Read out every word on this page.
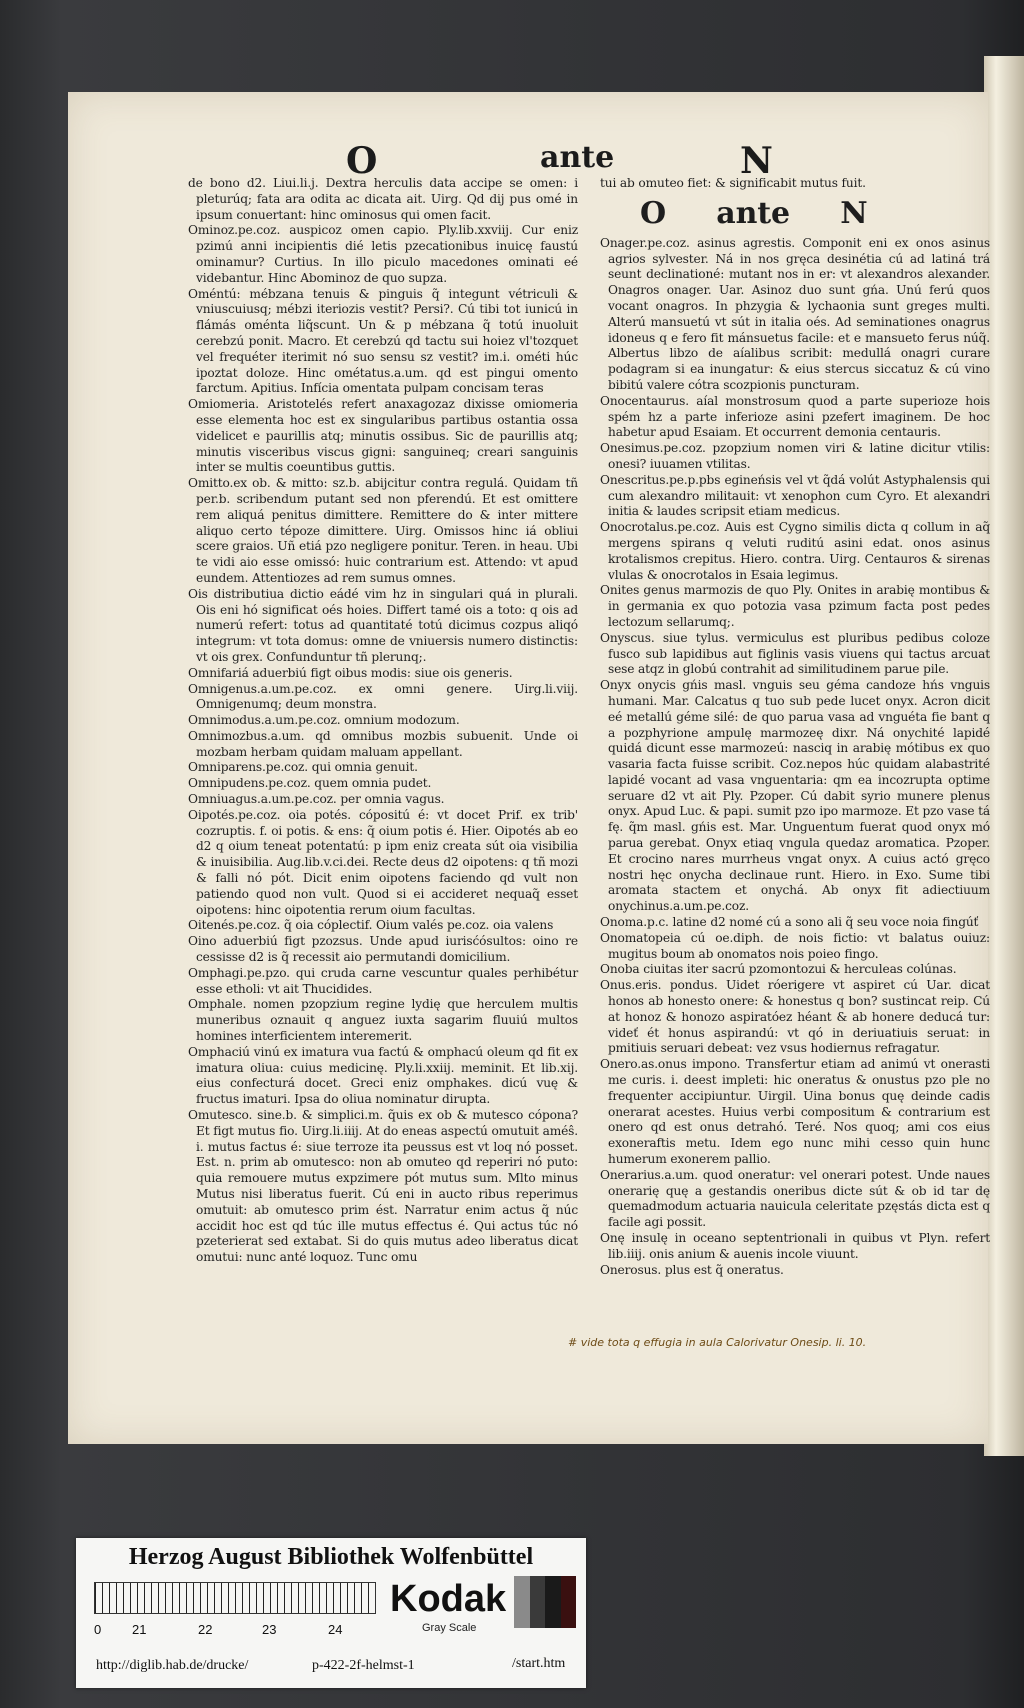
O	ante	N

de bono d2. Liui.li.j. Dextra herculis data accipe se omen: i pleturúq; fata ara odita ac dicata ait. Uirg. Qd dij pus omé in ipsum conuertant: hinc ominosus qui omen facit.

Ominoz.pe.coz. auspicoz omen capio. Ply.lib.xxviij. Cur eniz pzimú anni incipientis dié letis pzecationibus inuicę faustú ominamur? Curtius. In illo piculo macedones ominati eé videbantur. Hinc Abominoz de quo supza.

Oméntú: mébzana tenuis & pinguis q̃ integunt vétriculi & vniuscuiusq; mébzi iteriozis vestit? Persi?. Cú tibi tot iunicú in flámás oménta liq̃scunt. Un & p mébzana q̃ totú inuoluit cerebzú ponit. Macro. Et cerebzú qd tactu sui hoiez vl'tozquet vel frequéter iterimit nó suo sensu sz vestit? im.i. ométi húc ipoztat doloze. Hinc ométatus.a.um. qd est pingui omento farctum. Apitius. Infícia omentata pulpam concisam teras

Omiomeria. Aristotelés refert anaxagozaz dixisse omiomeria esse elementa hoc est ex singularibus partibus ostantia ossa videlicet e paurillis atq; minutis ossibus. Sic de paurillis atq; minutis visceribus viscus gigni: sanguineq; creari sanguinis inter se multis coeuntibus guttis.

Omitto.ex ob. & mitto: sz.b. abijcitur contra regulá. Quidam tñ per.b. scribendum putant sed non pferendú. Et est omittere rem aliquá penitus dimittere. Remittere do & inter mittere aliquo certo tépoze dimittere. Uirg. Omissos hinc iá obliui scere graios. Uñ etiá pzo negligere ponitur. Teren. in heau. Ubi te vidi aio esse omissó: huic contrarium est. Attendo: vt apud eundem. Attentiozes ad rem sumus omnes.

Ois distributiua dictio eádé vim hz in singulari quá in plurali. Ois eni hó significat oés hoies. Differt tamé ois a toto: q ois ad numerú refert: totus ad quantitaté totú dicimus cozpus aliqó integrum: vt tota domus: omne de vniuersis numero distinctis: vt ois grex. Confunduntur tñ plerunq;.

Omnifariá aduerbiú figt oibus modis: siue ois generis.

Omnigenus.a.um.pe.coz. ex omni genere. Uirg.li.viij. Omnigenumq; deum monstra.

Omnimodus.a.um.pe.coz. omnium modozum.

Omnimozbus.a.um. qd omnibus mozbis subuenit. Unde oi mozbam herbam quidam maluam appellant.

Omniparens.pe.coz. qui omnia genuit.

Omnipudens.pe.coz. quem omnia pudet.

Omniuagus.a.um.pe.coz. per omnia vagus.

Oipotés.pe.coz. oia potés. cópositú é: vt docet Prif. ex trib' cozruptis. f. oi potis. & ens: q̃ oium potis é. Hier. Oipotés ab eo d2 q oium teneat potentatú: p ipm eniz creata sút oia visibilia & inuisibilia. Aug.lib.v.ci.dei. Recte deus d2 oipotens: q tñ mozi & falli nó pót. Dicit enim oipotens faciendo qd vult non patiendo quod non vult. Quod si ei accideret nequaq̃ esset oipotens: hinc oipotentia rerum oium facultas.

Oitenés.pe.coz. q̃ oia cóplectif. Oium valés pe.coz. oia valens

Oino aduerbiú figt pzozsus. Unde apud iurisćósultos: oino re cessisse d2 is q̃ recessit aio permutandi domicilium.

Omphagi.pe.pzo. qui cruda carne vescuntur quales perhibétur esse etholi: vt ait Thucidides.

Omphale. nomen pzopzium regine lydię que herculem multis muneribus oznauit q anguez iuxta sagarim fluuiú multos homines interficientem interemerit.

Omphaciú vinú ex imatura vua factú & omphacú oleum qd fit ex imatura oliua: cuius medicinę. Ply.li.xxiij. meminit. Et lib.xij. eius confecturá docet. Greci eniz omphakes. dicú vuę & fructus imaturi. Ipsa do oliua nominatur dirupta.

Omutesco. sine.b. & simplici.m. q̃uis ex ob & mutesco cópona? Et figt mutus fio. Uirg.li.iiij. At do eneas aspectú omutuit améŝ. i. mutus factus é: siue terroze ita peussus est vt loq nó posset. Est. n. prim ab omutesco: non ab omuteo qd reperiri nó puto: quia remouere mutus expzimere pót mutus sum. Mlto minus Mutus nisi liberatus fuerit. Cú eni in aucto ribus reperimus omutuit: ab omutesco prim ést. Narratur enim actus q̃ núc accidit hoc est qd túc ille mutus effectus é. Qui actus túc nó pzeterierat sed extabat. Si do quis mutus adeo liberatus dicat omutui: nunc anté loquoz. Tunc omu

tui ab omuteo fiet: & significabit mutus fuit.

O ante N

Onager.pe.coz. asinus agrestis. Componit eni ex onos asinus agrios sylvester. Ná in nos gręca desinétia cú ad latiná trá seunt declinationé: mutant nos in er: vt alexandros alexander. Onagros onager. Uar. Asinoz duo sunt gńa. Unú ferú quos vocant onagros. In phzygia & lychaonia sunt greges multi. Alterú mansuetú vt sút in italia oés. Ad seminationes onagrus idoneus q e fero fit mánsuetus facile: et e mansueto ferus núq̃. Albertus libzo de aíalibus scribit: medullá onagri curare podagram si ea inungatur: & eius stercus siccatuz & cú vino bibitú valere cótra scozpionis puncturam.

Onocentaurus. aíal monstrosum quod a parte superioze hois spém hz a parte inferioze asini pzefert imaginem. De hoc habetur apud Esaiam. Et occurrent demonia centauris.

Onesimus.pe.coz. pzopzium nomen viri & latine dicitur vtilis: onesi? iuuamen vtilitas.

Onescritus.pe.p.pbs egineńsis vel vt q̃dá volút Astyphalensis qui cum alexandro militauit: vt xenophon cum Cyro. Et alexandri initia & laudes scripsit etiam medicus.

Onocrotalus.pe.coz. Auis est Cygno similis dicta q collum in aq̃ mergens spirans q veluti ruditú asini edat. onos asinus krotalismos crepitus. Hiero. contra. Uirg. Centauros & sirenas vlulas & onocrotalos in Esaia legimus.

Onites genus marmozis de quo Ply. Onites in arabię montibus & in germania ex quo potozia vasa pzimum facta post pedes lectozum sellarumq;.

Onyscus. siue tylus. vermiculus est pluribus pedibus coloze fusco sub lapidibus aut figlinis vasis viuens qui tactus arcuat sese atqz in globú contrahit ad similitudinem parue pile.

Onyx onycis gńis masl. vnguis seu géma candoze hńs vnguis humani. Mar. Calcatus q tuo sub pede lucet onyx. Acron dicit eé metallú géme silé: de quo parua vasa ad vnguéta fie bant q a pozphyrione ampulę marmozeę dixr. Ná onychité lapidé quidá dicunt esse marmozeú: nasciq in arabię mótibus ex quo vasaria facta fuisse scribit. Coz.nepos húc quidam alabastrité lapidé vocant ad vasa vnguentaria: qm ea incozrupta optime seruare d2 vt ait Ply. Pzoper. Cú dabit syrio munere plenus onyx. Apud Luc. & papi. sumit pzo ipo marmoze. Et pzo vase tá fę. q̃m masl. gńis est. Mar. Unguentum fuerat quod onyx mó parua gerebat. Onyx etiaq vngula quedaz aromatica. Pzoper. Et crocino nares murrheus vngat onyx. A cuius actó gręco nostri hęc onycha declinaue runt. Hiero. in Exo. Sume tibi aromata stactem et onychá. Ab onyx fit adiectiuum onychinus.a.um.pe.coz.

Onoma.p.c. latine d2 nomé cú a sono ali q̃ seu voce noia fingúť

Onomatopeia cú oe.diph. de nois fictio: vt balatus ouiuz: mugitus boum ab onomatos nois poieo fingo.

Onoba ciuitas iter sacrú pzomontozui & herculeas colúnas.

Onus.eris. pondus. Uidet róerigere vt aspiret cú Uar. dicat honos ab honesto onere: & honestus q bon? sustincat reip. Cú at honoz & honozo aspiratóez héant & ab honere deducá tur: videť ét honus aspirandú: vt qó in deriuatiuis seruat: in pmitiuis seruari debeat: vez vsus hodiernus refragatur.

Onero.as.onus impono. Transfertur etiam ad animú vt onerasti me curis. i. deest impleti: hic oneratus & onustus pzo ple no frequenter accipiuntur. Uirgil. Uina bonus quę deinde cadis onerarat acestes. Huius verbi compositum & contrarium est onero qd est onus detrahó. Teré. Nos quoq; ami cos eius exoneraftis metu. Idem ego nunc mihi cesso quin hunc humerum exonerem pallio.

Onerarius.a.um. quod oneratur: vel onerari potest. Unde naues onerarię quę a gestandis oneribus dicte sút & ob id tar dę quemadmodum actuaria nauicula celeritate pzęstás dicta est q facile agi possit.

Onę insulę in oceano septentrionali in quibus vt Plyn. refert lib.iiij. onis anium & auenis incole viuunt.

Onerosus. plus est q̃ oneratus.

# vide tota q effugia in aula Calorivatur Onesip. li. 10.
Herzog August Bibliothek Wolfenbüttel
0 21	22	23	24
Kodak
Gray Scale
http://diglib.hab.de/drucke/	p-422-2f-helmst-1	/start.htm
